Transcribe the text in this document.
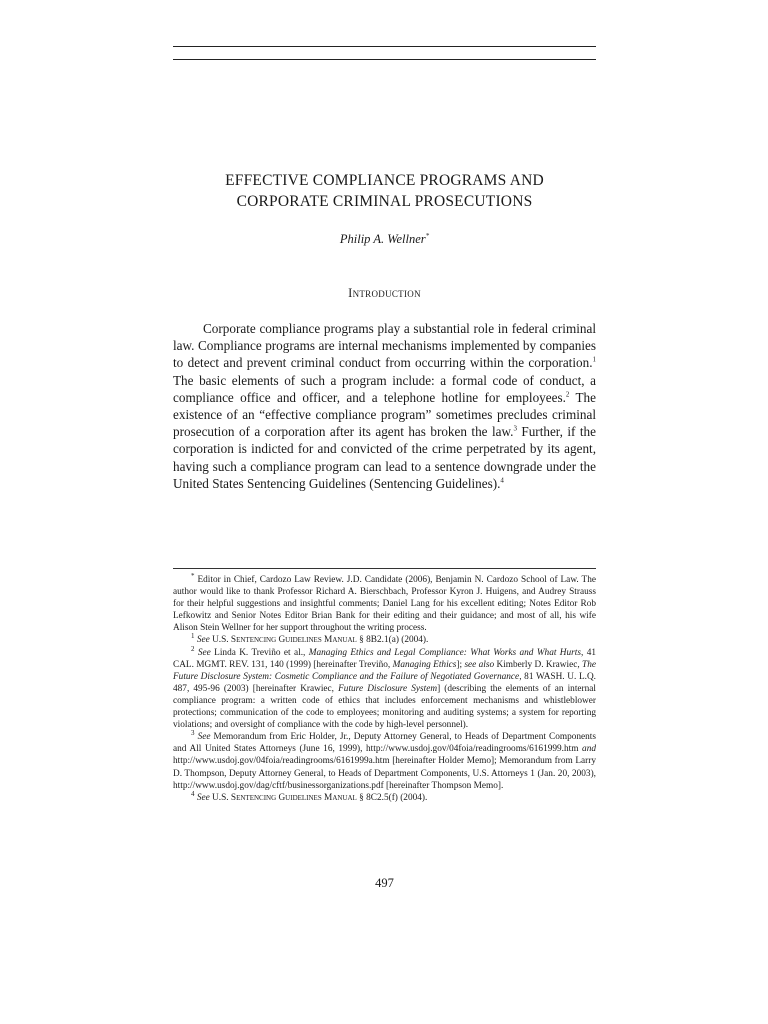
EFFECTIVE COMPLIANCE PROGRAMS AND
CORPORATE CRIMINAL PROSECUTIONS
Philip A. Wellner*
Introduction

Corporate compliance programs play a substantial role in federal criminal law. Compliance programs are internal mechanisms implemented by companies to detect and prevent criminal conduct from occurring within the corporation.$^1$ The basic elements of such a program include: a formal code of conduct, a compliance office and officer, and a telephone hotline for employees.$^2$ The existence of an “effective compliance program” sometimes precludes criminal prosecution of a corporation after its agent has broken the law.$^3$ Further, if the corporation is indicted for and convicted of the crime perpetrated by its agent, having such a compliance program can lead to a sentence downgrade under the United States Sentencing Guidelines (Sentencing Guidelines).$^4$

* Editor in Chief, Cardozo Law Review. J.D. Candidate (2006), Benjamin N. Cardozo School of Law. The author would like to thank Professor Richard A. Bierschbach, Professor Kyron J. Huigens, and Audrey Strauss for their helpful suggestions and insightful comments; Daniel Lang for his excellent editing; Notes Editor Rob Lefkowitz and Senior Notes Editor Brian Bank for their editing and their guidance; and most of all, his wife Alison Stein Wellner for her support throughout the writing process.

$^1$ See U.S. Sentencing Guidelines Manual § 8B2.1(a) (2004).

$^2$ See Linda K. Treviño et al., Managing Ethics and Legal Compliance: What Works and What Hurts, 41 CAL. MGMT. REV. 131, 140 (1999) [hereinafter Treviño, Managing Ethics]; see also Kimberly D. Krawiec, The Future Disclosure System: Cosmetic Compliance and the Failure of Negotiated Governance, 81 WASH. U. L.Q. 487, 495-96 (2003) [hereinafter Krawiec, Future Disclosure System] (describing the elements of an internal compliance program: a written code of ethics that includes enforcement mechanisms and whistleblower protections; communication of the code to employees; monitoring and auditing systems; a system for reporting violations; and oversight of compliance with the code by high-level personnel).

$^3$ See Memorandum from Eric Holder, Jr., Deputy Attorney General, to Heads of Department Components and All United States Attorneys (June 16, 1999), http://www.usdoj.gov/04foia/readingrooms/6161999.htm and http://www.usdoj.gov/04foia/readingrooms/6161999a.htm [hereinafter Holder Memo]; Memorandum from Larry D. Thompson, Deputy Attorney General, to Heads of Department Components, U.S. Attorneys 1 (Jan. 20, 2003), http://www.usdoj.gov/dag/cftf/businessorganizations.pdf [hereinafter Thompson Memo].

$^4$ See U.S. Sentencing Guidelines Manual § 8C2.5(f) (2004).

497
